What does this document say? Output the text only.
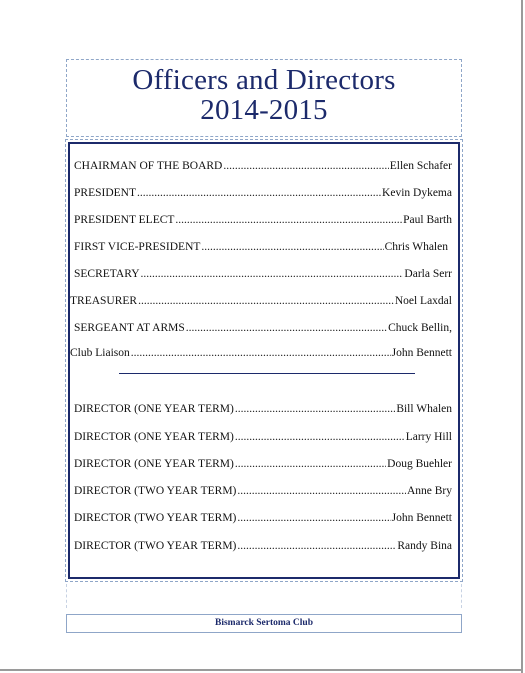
Officers and Directors
2014-2015
CHAIRMAN OF THE BOARD .....	Ellen Schafer
PRESIDENT .....	Kevin Dykema
PRESIDENT ELECT .....	Paul Barth
FIRST VICE-PRESIDENT .....	Chris Whalen
SECRETARY .....	Darla Serr
TREASURER .....	Noel Laxdal
SERGEANT AT ARMS .....	Chuck Bellin,
Club Liaison .....	John Bennett
DIRECTOR (ONE YEAR TERM) .....	Bill Whalen
DIRECTOR (ONE YEAR TERM) .....	Larry Hill
DIRECTOR (ONE YEAR TERM) .....	Doug Buehler
DIRECTOR (TWO YEAR TERM) .....	Anne Bry
DIRECTOR (TWO YEAR TERM) .....	John Bennett
DIRECTOR (TWO YEAR TERM) .....	Randy Bina
Bismarck Sertoma Club
